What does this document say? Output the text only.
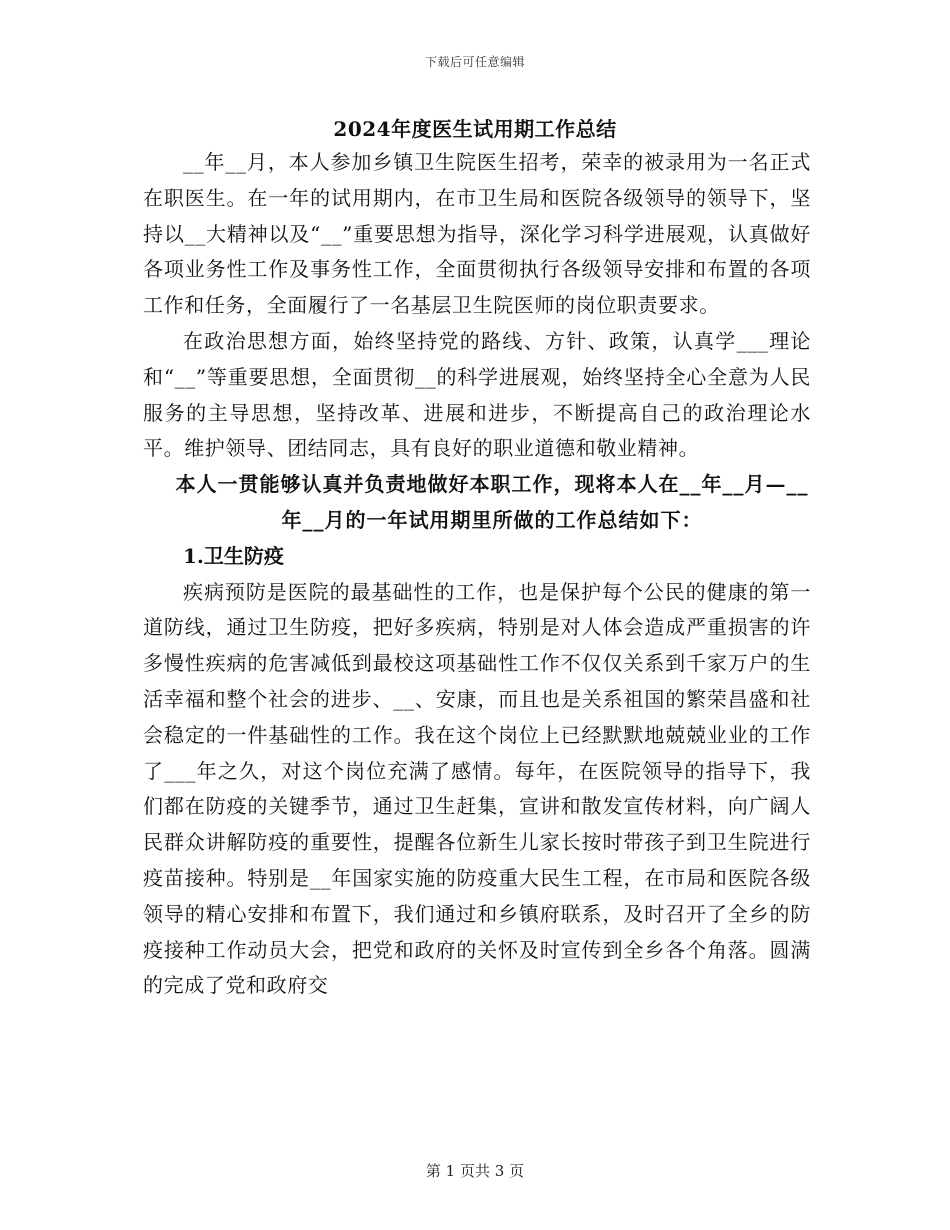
下载后可任意编辑
2024年度医生试用期工作总结

__年__月，本人参加乡镇卫生院医生招考，荣幸的被录用为一名正式在职医生。在一年的试用期内，在市卫生局和医院各级领导的领导下，坚持以__大精神以及“__”重要思想为指导，深化学习科学进展观，认真做好各项业务性工作及事务性工作，全面贯彻执行各级领导安排和布置的各项工作和任务，全面履行了一名基层卫生院医师的岗位职责要求。

在政治思想方面，始终坚持党的路线、方针、政策，认真学___理论和“__”等重要思想，全面贯彻__的科学进展观，始终坚持全心全意为人民服务的主导思想，坚持改革、进展和进步，不断提高自己的政治理论水平。维护领导、团结同志，具有良好的职业道德和敬业精神。

本人一贯能够认真并负责地做好本职工作，现将本人在__年__月—__年__月的一年试用期里所做的工作总结如下：

1.卫生防疫

疾病预防是医院的最基础性的工作，也是保护每个公民的健康的第一道防线，通过卫生防疫，把好多疾病，特别是对人体会造成严重损害的许多慢性疾病的危害减低到最校这项基础性工作不仅仅关系到千家万户的生活幸福和整个社会的进步、__、安康，而且也是关系祖国的繁荣昌盛和社会稳定的一件基础性的工作。我在这个岗位上已经默默地兢兢业业的工作了___年之久，对这个岗位充满了感情。每年，在医院领导的指导下，我们都在防疫的关键季节，通过卫生赶集，宣讲和散发宣传材料，向广阔人民群众讲解防疫的重要性，提醒各位新生儿家长按时带孩子到卫生院进行疫苗接种。特别是__年国家实施的防疫重大民生工程，在市局和医院各级领导的精心安排和布置下，我们通过和乡镇府联系，及时召开了全乡的防疫接种工作动员大会，把党和政府的关怀及时宣传到全乡各个角落。圆满的完成了党和政府交

第 1 页共 3 页
